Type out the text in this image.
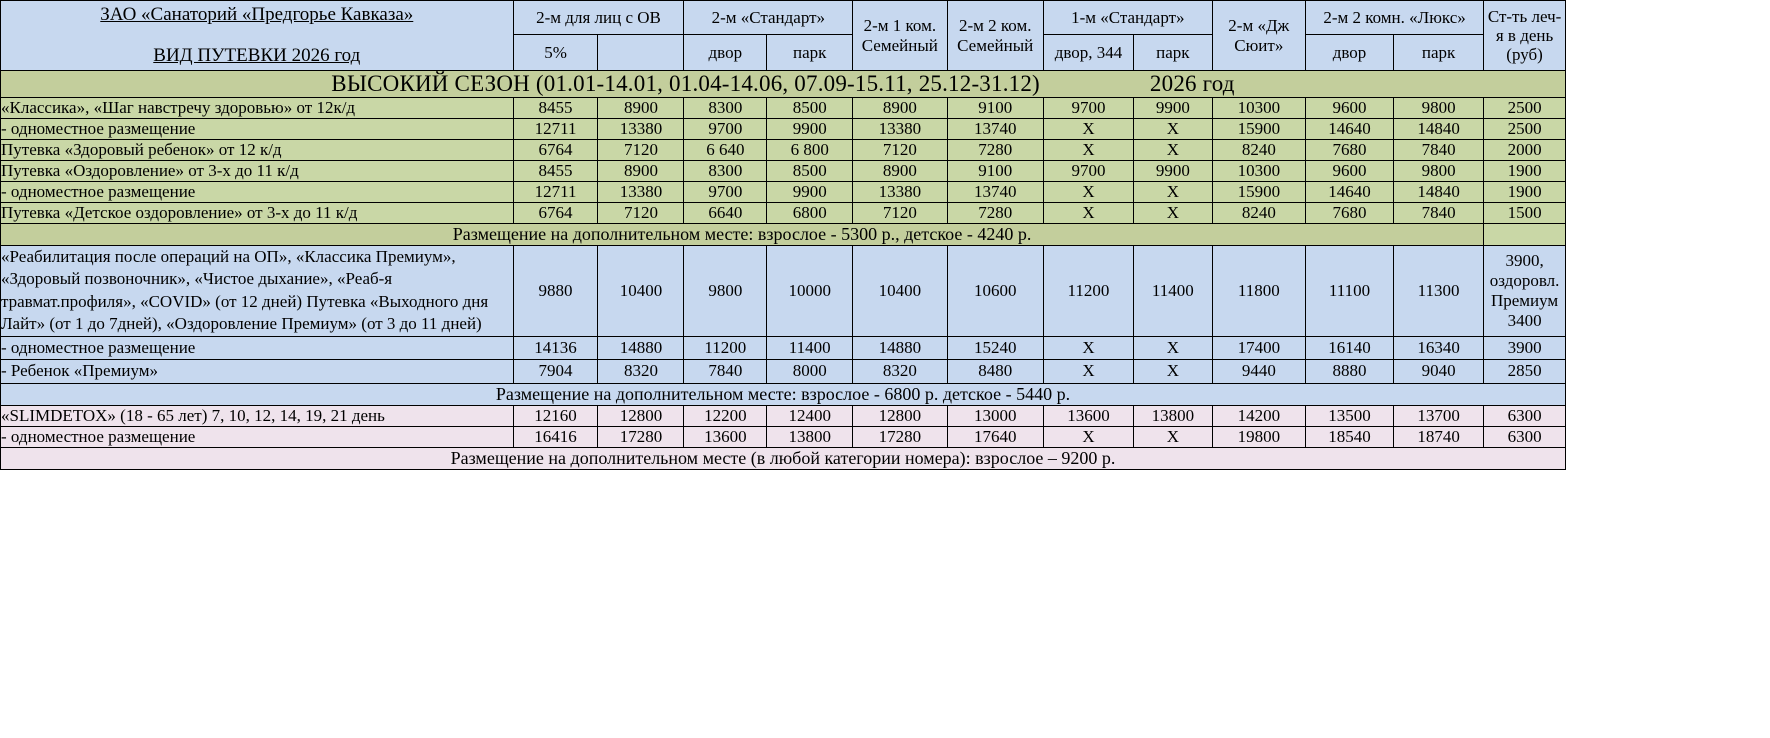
ЗАО «Санаторий «Предгорье Кавказа»
ВИД ПУТЕВКИ 2026 год	2-м для лиц с ОВ		2-м «Стандарт»		2-м 1 ком. Семейный	2-м 2 ком. Семейный	1-м «Стандарт»		2-м «Дж Сюит»	2-м 2 комн. «Люкс»		Ст-ть леч-я в день (руб)
	5%		двор	парк			двор, 344	парк		двор	парк	
ВЫСОКИЙ СЕЗОН (01.01-14.01, 01.04-14.06, 07.09-15.11, 25.12-31.12) 2026 год												
«Классика», «Шаг навстречу здоровью» от 12к/д	8455	8900	8300	8500	8900	9100	9700	9900	10300	9600	9800	2500
- одноместное размещение	12711	13380	9700	9900	13380	13740	Х	Х	15900	14640	14840	2500
Путевка «Здоровый ребенок» от 12 к/д	6764	7120	6 640	6 800	7120	7280	Х	Х	8240	7680	7840	2000
Путевка «Оздоровление» от 3-х до 11 к/д	8455	8900	8300	8500	8900	9100	9700	9900	10300	9600	9800	1900
- одноместное размещение	12711	13380	9700	9900	13380	13740	Х	Х	15900	14640	14840	1900
Путевка «Детское оздоровление» от 3-х до 11 к/д	6764	7120	6640	6800	7120	7280	Х	Х	8240	7680	7840	1500
Размещение на дополнительном месте: взрослое - 5300 р., детское - 4240 р.												
«Реабилитация после операций на ОП», «Классика Премиум», «Здоровый позвоночник», «Чистое дыхание», «Реаб-я травмат.профиля», «COVID» (от 12 дней) Путевка «Выходного дня Лайт» (от 1 до 7дней), «Оздоровление Премиум» (от 3 до 11 дней)	9880	10400	9800	10000	10400	10600	11200	11400	11800	11100	11300	3900, оздоровл. Премиум 3400
- одноместное размещение	14136	14880	11200	11400	14880	15240	Х	Х	17400	16140	16340	3900
- Ребенок «Премиум»	7904	8320	7840	8000	8320	8480	Х	Х	9440	8880	9040	2850
Размещение на дополнительном месте: взрослое - 6800 р. детское - 5440 р.												
«SLIMDETOX» (18 - 65 лет) 7, 10, 12, 14, 19, 21 день	12160	12800	12200	12400	12800	13000	13600	13800	14200	13500	13700	6300
- одноместное размещение	16416	17280	13600	13800	17280	17640	Х	Х	19800	18540	18740	6300
Размещение на дополнительном месте (в любой категории номера): взрослое – 9200 р.												
